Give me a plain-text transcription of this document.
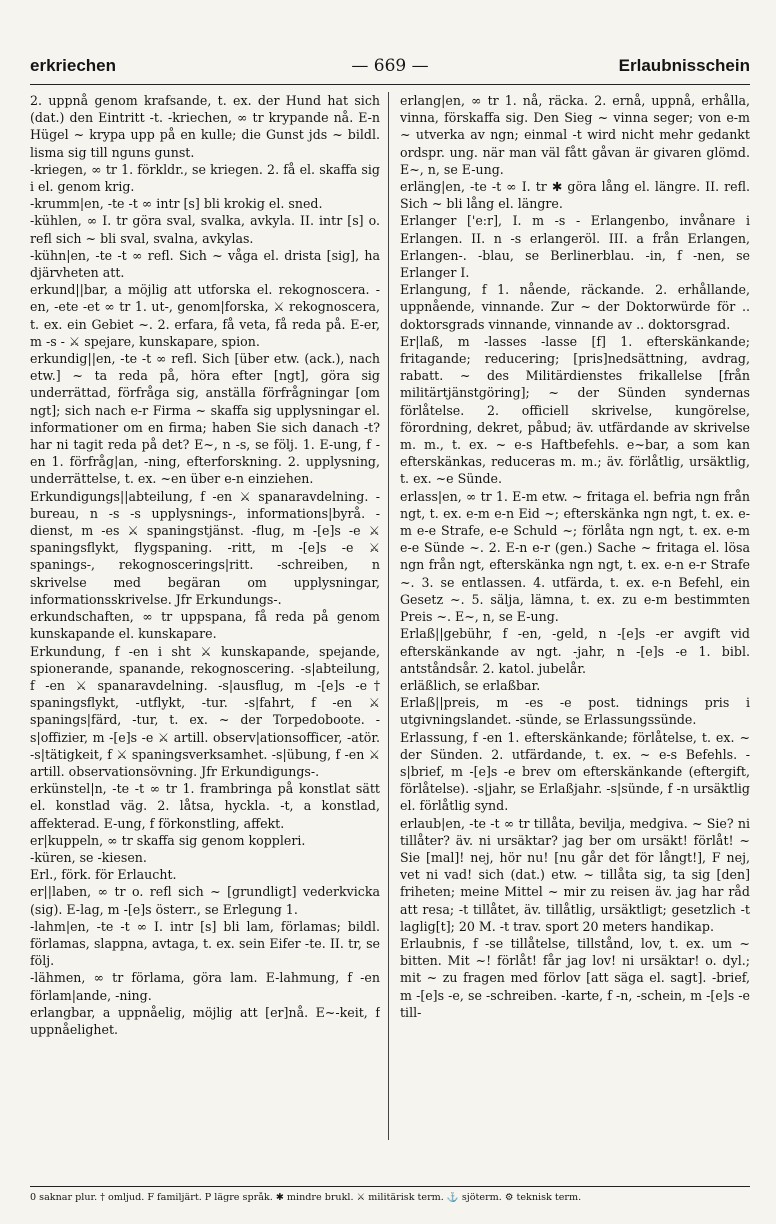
erkriechen	— 669 —	Erlaubnisschein

2. uppnå genom krafsande, t. ex. der Hund hat sich (dat.) den Eintritt -t. -kriechen, ∞ tr krypande nå. E-n Hügel ~ krypa upp på en kulle; die Gunst jds ~ bildl. lisma sig till nguns gunst.

-kriegen, ∞ tr 1. förkldr., se kriegen. 2. få el. skaffa sig i el. genom krig.

-krumm|en, -te -t ∞ intr [s] bli krokig el. sned.

-kühlen, ∞ I. tr göra sval, svalka, avkyla. II. intr [s] o. refl sich ~ bli sval, svalna, avkylas.

-kühn|en, -te -t ∞ refl. Sich ~ våga el. drista [sig], ha djärvheten att.

erkund||bar, a möjlig att utforska el. rekognoscera. -en, -ete -et ∞ tr 1. ut-, genom|forska, ⚔ rekognoscera, t. ex. ein Gebiet ~. 2. erfara, få veta, få reda på. E-er, m -s - ⚔ spejare, kunskapare, spion.

erkundig||en, -te -t ∞ refl. Sich [über etw. (ack.), nach etw.] ~ ta reda på, höra efter [ngt], göra sig underrättad, förfråga sig, anställa förfrågningar [om ngt]; sich nach e-r Firma ~ skaffa sig upplysningar el. informationer om en firma; haben Sie sich danach -t? har ni tagit reda på det? E~, n -s, se följ. 1. E-ung, f -en 1. förfråg|an, -ning, efterforskning. 2. upplysning, underrättelse, t. ex. ~en über e-n einziehen.

Erkundigungs||abteilung, f -en ⚔ spanaravdelning. -bureau, n -s -s upplysnings-, informations|byrå. -dienst, m -es ⚔ spaningstjänst. -flug, m -[e]s -e ⚔ spaningsflykt, flygspaning. -ritt, m -[e]s -e ⚔ spanings-, rekognoscerings|ritt. -schreiben, n skrivelse med begäran om upplysningar, informationsskrivelse. Jfr Erkundungs-.

erkundschaften, ∞ tr uppspana, få reda på genom kunskapande el. kunskapare.

Erkundung, f -en i sht ⚔ kunskapande, spejande, spionerande, spanande, rekognoscering. -s|abteilung, f -en ⚔ spanaravdelning. -s|ausflug, m -[e]s -e† spaningsflykt, -utflykt, -tur. -s|fahrt, f -en ⚔ spanings|färd, -tur, t. ex. ~ der Torpedoboote. -s|offizier, m -[e]s -e ⚔ artill. observ|ationsofficer, -atör. -s|tätigkeit, f ⚔ spaningsverksamhet. -s|übung, f -en ⚔ artill. observationsövning. Jfr Erkundigungs-.

erkünstel|n, -te -t ∞ tr 1. frambringa på konstlat sätt el. konstlad väg. 2. låtsa, hyckla. -t, a konstlad, affekterad. E-ung, f förkonstling, affekt.

er|kuppeln, ∞ tr skaffa sig genom koppleri.

-küren, se -kiesen.

Erl., förk. för Erlaucht.

er||laben, ∞ tr o. refl sich ~ [grundligt] vederkvicka (sig). E-lag, m -[e]s österr., se Erlegung 1.

-lahm|en, -te -t ∞ I. intr [s] bli lam, förlamas; bildl. förlamas, slappna, avtaga, t. ex. sein Eifer -te. II. tr, se följ.

-lähmen, ∞ tr förlama, göra lam. E-lahmung, f -en förlam|ande, -ning.

erlangbar, a uppnåelig, möjlig att [er]nå. E~-keit, f uppnåelighet.

erlang|en, ∞ tr 1. nå, räcka. 2. ernå, uppnå, erhålla, vinna, förskaffa sig. Den Sieg ~ vinna seger; von e-m ~ utverka av ngn; einmal -t wird nicht mehr gedankt ordspr. ung. när man väl fått gåvan är givaren glömd. E~, n, se E-ung.

erläng|en, -te -t ∞ I. tr ✱ göra lång el. längre. II. refl. Sich ~ bli lång el. längre.

Erlanger ['e:r], I. m -s - Erlangenbo, invånare i Erlangen. II. n -s erlangeröl. III. a från Erlangen, Erlangen-. -blau, se Berlinerblau. -in, f -nen, se Erlanger I.

Erlangung, f 1. nående, räckande. 2. erhållande, uppnående, vinnande. Zur ~ der Doktorwürde för .. doktorsgrads vinnande, vinnande av .. doktorsgrad.

Er|laß, m -lasses -lasse [f] 1. efterskänkande; fritagande; reducering; [pris]nedsättning, avdrag, rabatt. ~ des Militärdienstes frikallelse [från militärtjänstgöring]; ~ der Sünden syndernas förlåtelse. 2. officiell skrivelse, kungörelse, förordning, dekret, påbud; äv. utfärdande av skrivelse m. m., t. ex. ~ e-s Haftbefehls. e~bar, a som kan efterskänkas, reduceras m. m.; äv. förlåtlig, ursäktlig, t. ex. ~e Sünde.

erlass|en, ∞ tr 1. E-m etw. ~ fritaga el. befria ngn från ngt, t. ex. e-m e-n Eid ~; efterskänka ngn ngt, t. ex. e-m e-e Strafe, e-e Schuld ~; förlåta ngn ngt, t. ex. e-m e-e Sünde ~. 2. E-n e-r (gen.) Sache ~ fritaga el. lösa ngn från ngt, efterskänka ngn ngt, t. ex. e-n e-r Strafe ~. 3. se entlassen. 4. utfärda, t. ex. e-n Befehl, ein Gesetz ~. 5. sälja, lämna, t. ex. zu e-m bestimmten Preis ~. E~, n, se E-ung.

Erlaß||gebühr, f -en, -geld, n -[e]s -er avgift vid efterskänkande av ngt. -jahr, n -[e]s -e 1. bibl. antståndsår. 2. katol. jubelår.

erläßlich, se erlaßbar.

Erlaß||preis, m -es -e post. tidnings pris i utgivningslandet. -sünde, se Erlassungssünde.

Erlassung, f -en 1. efterskänkande; förlåtelse, t. ex. ~ der Sünden. 2. utfärdande, t. ex. ~ e-s Befehls. -s|brief, m -[e]s -e brev om efterskänkande (eftergift, förlåtelse). -s|jahr, se Erlaßjahr. -s|sünde, f -n ursäktlig el. förlåtlig synd.

erlaub|en, -te -t ∞ tr tillåta, bevilja, medgiva. ~ Sie? ni tillåter? äv. ni ursäktar? jag ber om ursäkt! förlåt! ~ Sie [mal]! nej, hör nu! [nu går det för långt!], F nej, vet ni vad! sich (dat.) etw. ~ tillåta sig, ta sig [den] friheten; meine Mittel ~ mir zu reisen äv. jag har råd att resa; -t tillåtet, äv. tillåtlig, ursäktligt; gesetzlich -t laglig[t]; 20 M. -t trav. sport 20 meters handikap.

Erlaubnis, f -se tillåtelse, tillstånd, lov, t. ex. um ~ bitten. Mit ~! förlåt! får jag lov! ni ursäktar! o. dyl.; mit ~ zu fragen med förlov [att säga el. sagt]. -brief, m -[e]s -e, se -schreiben. -karte, f -n, -schein, m -[e]s -e till-

0 saknar plur. † omljud. F familjärt. P lägre språk. ✱ mindre brukl. ⚔ militärisk term. ⚓ sjöterm. ⚙ teknisk term.
